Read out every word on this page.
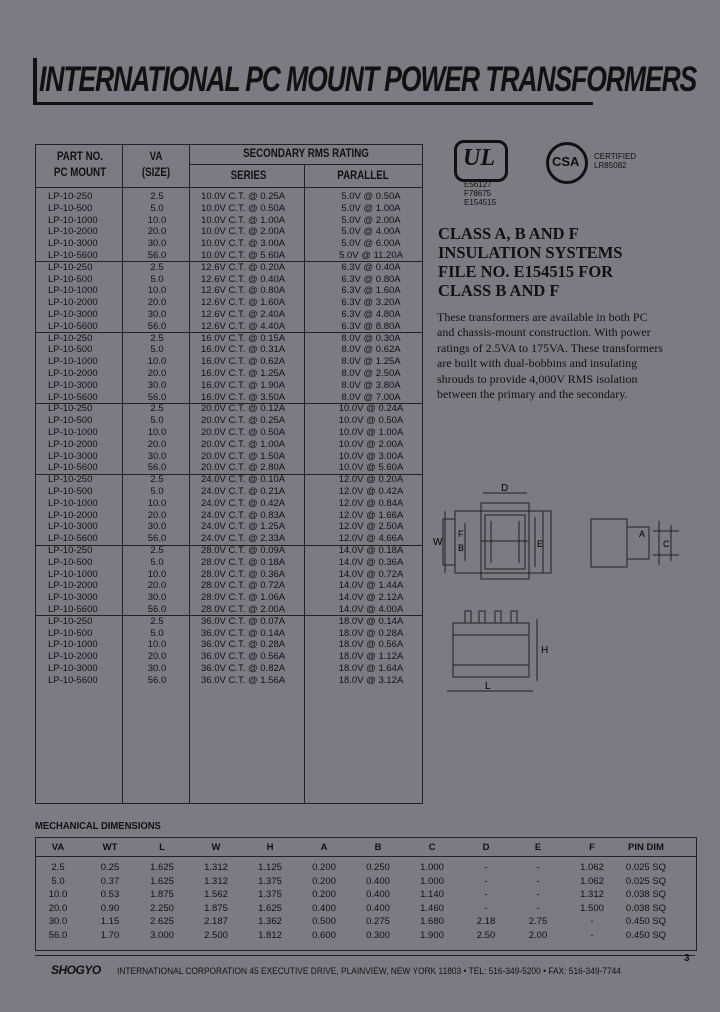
INTERNATIONAL PC MOUNT POWER TRANSFORMERS
PART NO.
PC MOUNT
VA
(SIZE)
SECONDARY RMS RATING
SERIES	PARALLEL
LP-10-250	2.5	10.0V C.T. @ 0.25A	5.0V @ 0.50A
LP-10-500	5.0	10.0V C.T. @ 0.50A	5.0V @ 1.00A
LP-10-1000	10.0	10.0V C.T. @ 1.00A	5.0V @ 2.00A
LP-10-2000	20.0	10.0V C.T. @ 2.00A	5.0V @ 4.00A
LP-10-3000	30.0	10.0V C.T. @ 3.00A	5.0V @ 6.00A
LP-10-5600	56.0	10.0V C.T. @ 5.60A	5.0V @ 11.20A
LP-10-250	2.5	12.6V C.T. @ 0.20A	6.3V @ 0.40A
LP-10-500	5.0	12.6V C.T. @ 0.40A	6.3V @ 0.80A
LP-10-1000	10.0	12.6V C.T. @ 0.80A	6.3V @ 1.60A
LP-10-2000	20.0	12.6V C.T. @ 1.60A	6.3V @ 3.20A
LP-10-3000	30.0	12.6V C.T. @ 2.40A	6.3V @ 4.80A
LP-10-5600	56.0	12.6V C.T. @ 4.40A	6.3V @ 8.80A
LP-10-250	2.5	16.0V C.T. @ 0.15A	8.0V @ 0.30A
LP-10-500	5.0	16.0V C.T. @ 0.31A	8.0V @ 0.62A
LP-10-1000	10.0	16.0V C.T. @ 0.62A	8.0V @ 1.25A
LP-10-2000	20.0	16.0V C.T. @ 1.25A	8.0V @ 2.50A
LP-10-3000	30.0	16.0V C.T. @ 1.90A	8.0V @ 3.80A
LP-10-5600	56.0	16.0V C.T. @ 3.50A	8.0V @ 7.00A
LP-10-250	2.5	20.0V C.T. @ 0.12A	10.0V @ 0.24A
LP-10-500	5.0	20.0V C.T. @ 0.25A	10.0V @ 0.50A
LP-10-1000	10.0	20.0V C.T. @ 0.50A	10.0V @ 1.00A
LP-10-2000	20.0	20.0V C.T. @ 1.00A	10.0V @ 2.00A
LP-10-3000	30.0	20.0V C.T. @ 1.50A	10.0V @ 3.00A
LP-10-5600	56.0	20.0V C.T. @ 2.80A	10.0V @ 5.60A
LP-10-250	2.5	24.0V C.T. @ 0.10A	12.0V @ 0.20A
LP-10-500	5.0	24.0V C.T. @ 0.21A	12.0V @ 0.42A
LP-10-1000	10.0	24.0V C.T. @ 0.42A	12.0V @ 0.84A
LP-10-2000	20.0	24.0V C.T. @ 0.83A	12.0V @ 1.66A
LP-10-3000	30.0	24.0V C.T. @ 1.25A	12.0V @ 2.50A
LP-10-5600	56.0	24.0V C.T. @ 2.33A	12.0V @ 4.66A
LP-10-250	2.5	28.0V C.T. @ 0.09A	14.0V @ 0.18A
LP-10-500	5.0	28.0V C.T. @ 0.18A	14.0V @ 0.36A
LP-10-1000	10.0	28.0V C.T. @ 0.36A	14.0V @ 0.72A
LP-10-2000	20.0	28.0V C.T. @ 0.72A	14.0V @ 1.44A
LP-10-3000	30.0	28.0V C.T. @ 1.06A	14.0V @ 2.12A
LP-10-5600	56.0	28.0V C.T. @ 2.00A	14.0V @ 4.00A
LP-10-250	2.5	36.0V C.T. @ 0.07A	18.0V @ 0.14A
LP-10-500	5.0	36.0V C.T. @ 0.14A	18.0V @ 0.28A
LP-10-1000	10.0	36.0V C.T. @ 0.28A	18.0V @ 0.56A
LP-10-2000	20.0	36.0V C.T. @ 0.56A	18.0V @ 1.12A
LP-10-3000	30.0	36.0V C.T. @ 0.82A	18.0V @ 1.64A
LP-10-5600	56.0	36.0V C.T. @ 1.56A	18.0V @ 3.12A
UL
E56127
F78675
E154515
CSA CERTIFIED
LR85082
CLASS A, B AND F
INSULATION SYSTEMS
FILE NO. E154515 FOR
CLASS B AND F
These transformers are available in both PC and chassis-mount construction. With power ratings of 2.5VA to 175VA. These transformers are built with dual-bobbins and insulating shrouds to provide 4,000V RMS isolation between the primary and the secondary.
D
W
F
B	E
A
C
H
L
MECHANICAL DIMENSIONS
VA	WT	L	W	H	A	B	C	D	E	F	PIN DIM
2.5	0.25	1.625	1.312	1.125	0.200	0.250	1.000	-	-	1.062	0.025 SQ
5.0	0.37	1.625	1.312	1.375	0.200	0.400	1.000	-	-	1.062	0.025 SQ
10.0	0.53	1.875	1.562	1.375	0.200	0.400	1.140	-	-	1.312	0.038 SQ
20.0	0.90	2.250	1.875	1.625	0.400	0.400	1.460	-	-	1.500	0.038 SQ
30.0	1.15	2.625	2.187	1.362	0.500	0.275	1.680	2.18	2.75	-	0.450 SQ
56.0	1.70	3.000	2.500	1.812	0.600	0.300	1.900	2.50	2.00	-	0.450 SQ
SHOGYO INTERNATIONAL CORPORATION 45 EXECUTIVE DRIVE, PLAINVIEW, NEW YORK 11803 • TEL: 516-349-5200 • FAX: 516-349-7744
3
